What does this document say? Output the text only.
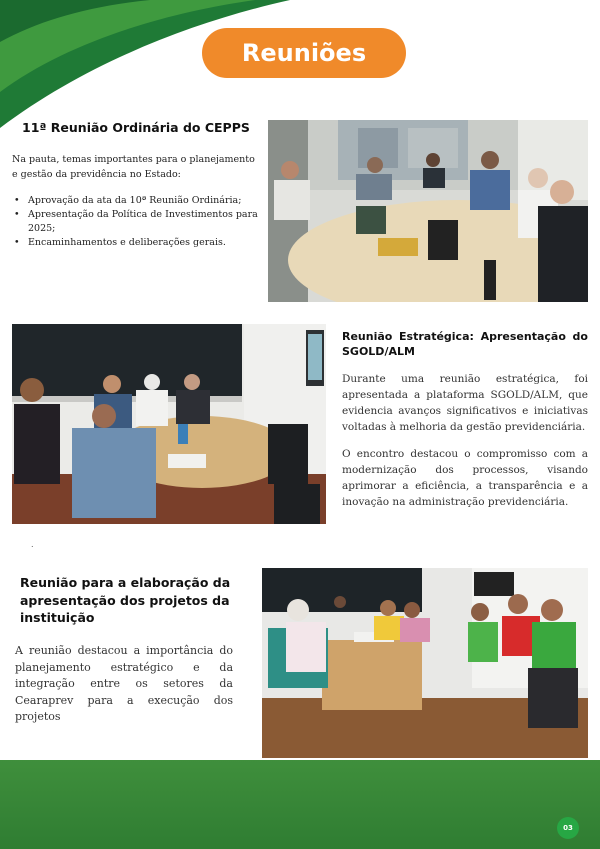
Reuniões
11ª Reunião Ordinária do CEPPS

Na pauta, temas importantes para o planejamento e gestão da previdência no Estado:

• Aprovação da ata da 10ª Reunião Ordinária;
• Apresentação da Política de Investimentos para 2025;
• Encaminhamentos e deliberações gerais.
Reunião Estratégica: Apresentação do SGOLD/ALM

Durante uma reunião estratégica, foi apresentada a plataforma SGOLD/ALM, que evidencia avanços significativos e iniciativas voltadas à melhoria da gestão previdenciária.

O encontro destacou o compromisso com a modernização dos processos, visando aprimorar a eficiência, a transparência e a inovação na administração previdenciária.

.
Reunião para a elaboração da apresentação dos projetos da instituição

A reunião destacou a importância do planejamento estratégico e da integração entre os setores da Cearaprev para a execução dos projetos

03
